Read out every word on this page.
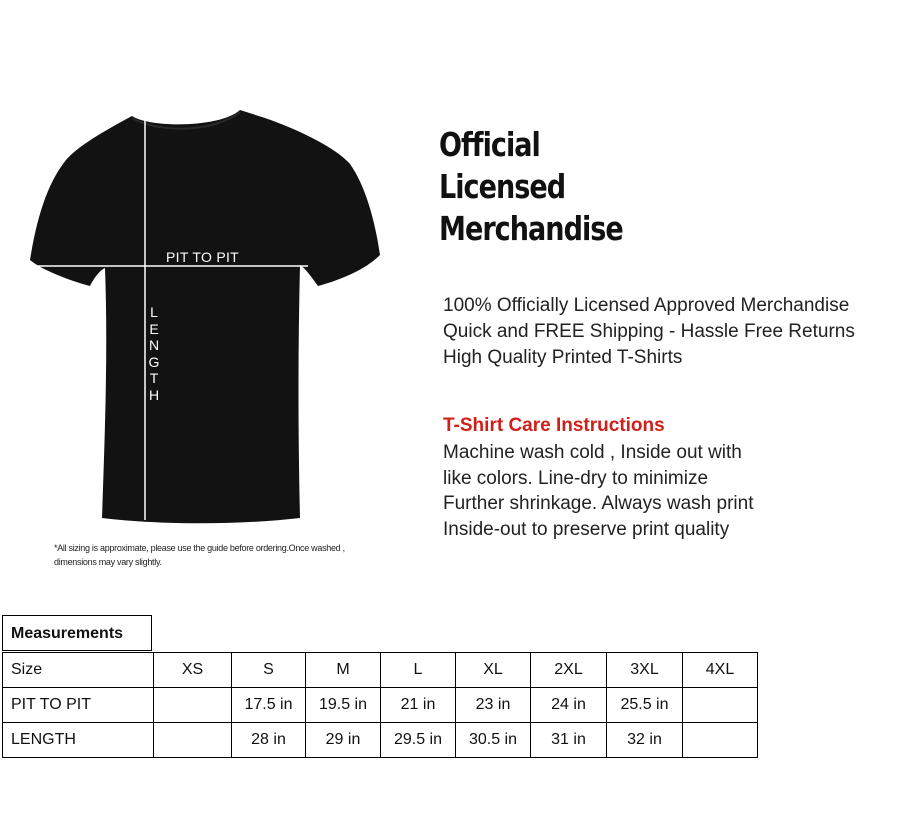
PIT TO PIT
L
E
N
G
T
H
*All sizing is approximate, please use the guide before ordering.Once washed , dimensions may vary slightly.
Official
Licensed
Merchandise
100% Officially Licensed Approved Merchandise
Quick and FREE Shipping - Hassle Free Returns
High Quality Printed T-Shirts
T-Shirt Care Instructions
Machine wash cold , Inside out with
like colors. Line-dry to minimize
Further shrinkage. Always wash print
Inside-out to preserve print quality
Measurements
Size	XS	S	M	L	XL	2XL	3XL	4XL
PIT TO PIT		17.5 in	19.5 in	21 in	23 in	24 in	25.5 in	
LENGTH		28 in	29 in	29.5 in	30.5 in	31 in	32 in	
